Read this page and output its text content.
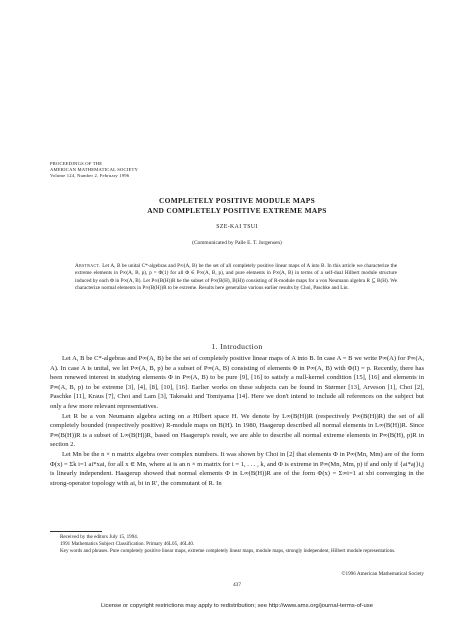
PROCEEDINGS OF THE
AMERICAN MATHEMATICAL SOCIETY
Volume 124, Number 2, February 1996
COMPLETELY POSITIVE MODULE MAPS
AND COMPLETELY POSITIVE EXTREME MAPS
SZE-KAI TSUI
(Communicated by Palle E. T. Jorgensen)
Abstract. Let A, B be unital C*-algebras and P∞(A, B) be the set of all completely positive linear maps of A into B. In this article we characterize the extreme elements in P∞(A, B, p), p = Φ(1) for all Φ ∈ P∞(A, B, p), and pure elements in P∞(A, B) in terms of a self-dual Hilbert module structure induced by each Φ in P∞(A, B). Let P∞(B(H))R be the subset of P∞(B(H), B(H)) consisting of R-module maps for a von Neumann algebra R ⊆ B(H). We characterize normal elements in P∞(B(H))R to be extreme. Results here generalize various earlier results by Choi, Paschke and Lin.
1. Introduction

Let A, B be C*-algebras and P∞(A, B) be the set of completely positive linear maps of A into B. In case A = B we write P∞(A) for P∞(A, A). In case A is unital, we let P∞(A, B, p) be a subset of P∞(A, B) consisting of elements Φ in P∞(A, B) with Φ(I) = p. Recently, there has been renewed interest in studying elements Φ in P∞(A, B) to be pure [9], [16] to satisfy a null-kernel condition [15], [16] and elements in P∞(A, B, p) to be extreme [3], [4], [8], [10], [16]. Earlier works on these subjects can be found in Størmer [13], Arveson [1], Choi [2], Paschke [11], Kraus [7], Choi and Lam [3], Takesaki and Tomiyama [14]. Here we don't intend to include all references on the subject but only a few more relevant representatives.

Let R be a von Neumann algebra acting on a Hilbert space H. We denote by L∞(B(H))R (respectively P∞(B(H))R) the set of all completely bounded (respectively positive) R-module maps on B(H). In 1980, Haagerup described all normal elements in L∞(B(H))R. Since P∞(B(H))R is a subset of L∞(B(H))R, based on Haagerup's result, we are able to describe all normal extreme elements in P∞(B(H), p)R in section 2.

Let Mn be the n × n matrix algebra over complex numbers. It was shown by Choi in [2] that elements Φ in P∞(Mn, Mm) are of the form Φ(x) = Σk i=1 ai*xai, for all x ∈ Mn, where ai is an n × m matrix for i = 1, . . . , k, and Φ is extreme in P∞(Mn, Mm, p) if and only if {ai*aj}i,j is linearly independent. Haagerup showed that normal elements Φ in L∞(B(H))R are of the form Φ(x) = Σ∞i=1 ai xbi converging in the strong-operator topology with ai, bi in R′, the commutant of R. In

Received by the editors July 15, 1994.
1991 Mathematics Subject Classification. Primary 46L05, 46L40.
Key words and phrases. Pure completely positive linear maps, extreme completely linear maps, module maps, strongly independent, Hilbert module representations.
©1996 American Mathematical Society
437
License or copyright restrictions may apply to redistribution; see http://www.ams.org/journal-terms-of-use
